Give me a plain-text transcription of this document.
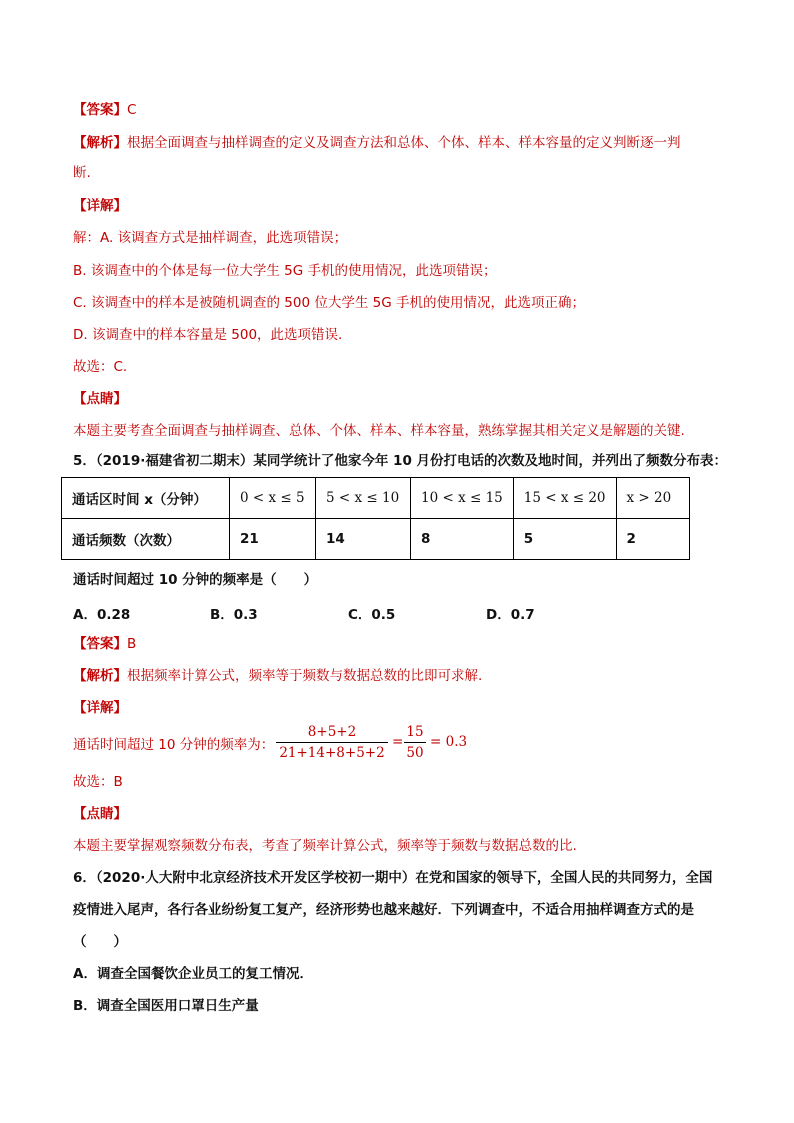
【答案】C
【解析】根据全面调查与抽样调查的定义及调查方法和总体、个体、样本、样本容量的定义判断逐一判
断.
【详解】
解：A. 该调查方式是抽样调查，此选项错误；
B. 该调查中的个体是每一位大学生 5G 手机的使用情况，此选项错误；
C. 该调查中的样本是被随机调查的 500 位大学生 5G 手机的使用情况，此选项正确；
D. 该调查中的样本容量是 500，此选项错误.
故选：C.
【点睛】
本题主要考查全面调查与抽样调查、总体、个体、样本、样本容量，熟练掌握其相关定义是解题的关键.
5．（2019·福建省初二期末）某同学统计了他家今年 10 月份打电话的次数及地时间，并列出了频数分布表：
通话区时间 x（分钟）	0 < x ≤ 5	5 < x ≤ 10	10 < x ≤ 15	15 < x ≤ 20	x > 20
通话频数（次数）	21	14	8	5	2
通话时间超过 10 分钟的频率是（　　）
A．0.28	B．0.3	C．0.5	D．0.7
【答案】B
【解析】根据频率计算公式，频率等于频数与数据总数的比即可求解.
【详解】
通话时间超过 10 分钟的频率为： $\frac{8+5+2}{21+14+8+5+2} = \frac{15}{50} = 0.3$
故选：B
【点睛】
本题主要掌握观察频数分布表，考查了频率计算公式，频率等于频数与数据总数的比.
6．（2020·人大附中北京经济技术开发区学校初一期中）在党和国家的领导下，全国人民的共同努力，全国
疫情进入尾声，各行各业纷纷复工复产，经济形势也越来越好．下列调查中，不适合用抽样调查方式的是
（　　）
A．调查全国餐饮企业员工的复工情况．
B．调查全国医用口罩日生产量
